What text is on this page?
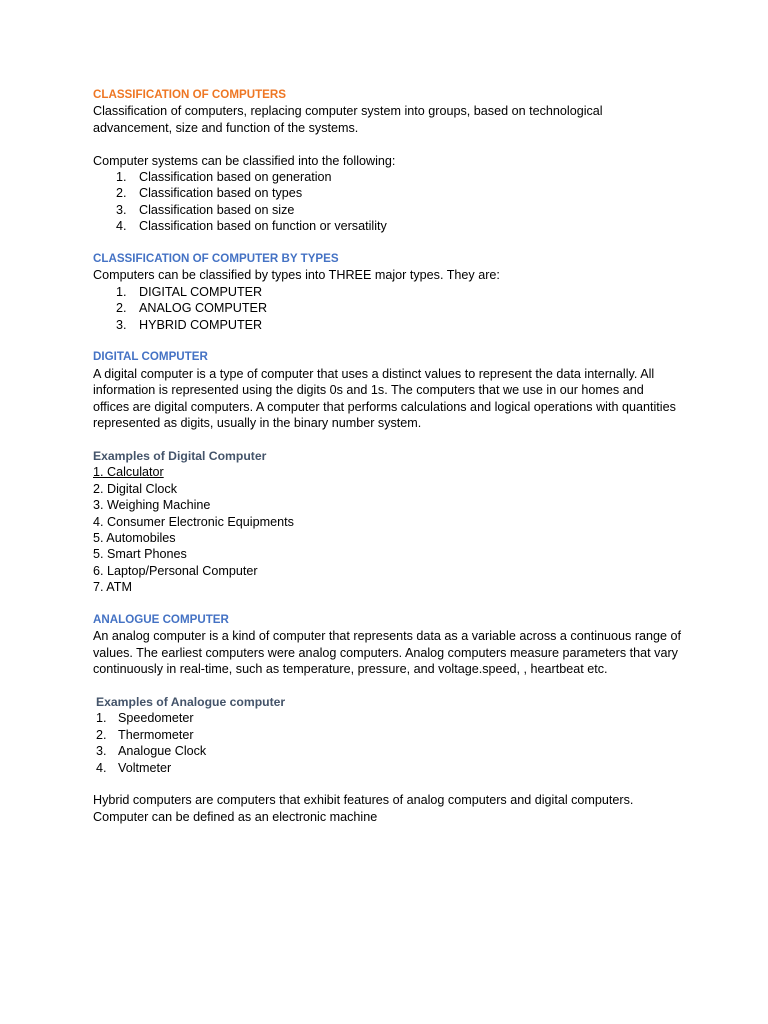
CLASSIFICATION OF COMPUTERS

Classification of computers, replacing computer system into groups, based on technological advancement, size and function of the systems.

Computer systems can be classified into the following:

1. Classification based on generation
2. Classification based on types
3. Classification based on size
4. Classification based on function or versatility

CLASSIFICATION OF COMPUTER BY TYPES

Computers can be classified by types into THREE major types. They are:

1. DIGITAL COMPUTER
2. ANALOG COMPUTER
3. HYBRID COMPUTER

DIGITAL COMPUTER

A digital computer is a type of computer that uses a distinct values to represent the data internally. All information is represented using the digits 0s and 1s. The computers that we use in our homes and offices are digital computers. A computer that performs calculations and logical operations with quantities represented as digits, usually in the binary number system.

Examples of Digital Computer

1. Calculator
2. Digital Clock
3. Weighing Machine
4. Consumer Electronic Equipments
5. Automobiles
5. Smart Phones
6. Laptop/Personal Computer
7. ATM

ANALOGUE COMPUTER

An analog computer is a kind of computer that represents data as a variable across a continuous range of values. The earliest computers were analog computers. Analog computers measure parameters that vary continuously in real-time, such as temperature, pressure, and voltage.speed, , heartbeat etc.

Examples of Analogue computer

1. Speedometer
2. Thermometer
3. Analogue Clock
4. Voltmeter

Hybrid computers are computers that exhibit features of analog computers and digital computers. Computer can be defined as an electronic machine
